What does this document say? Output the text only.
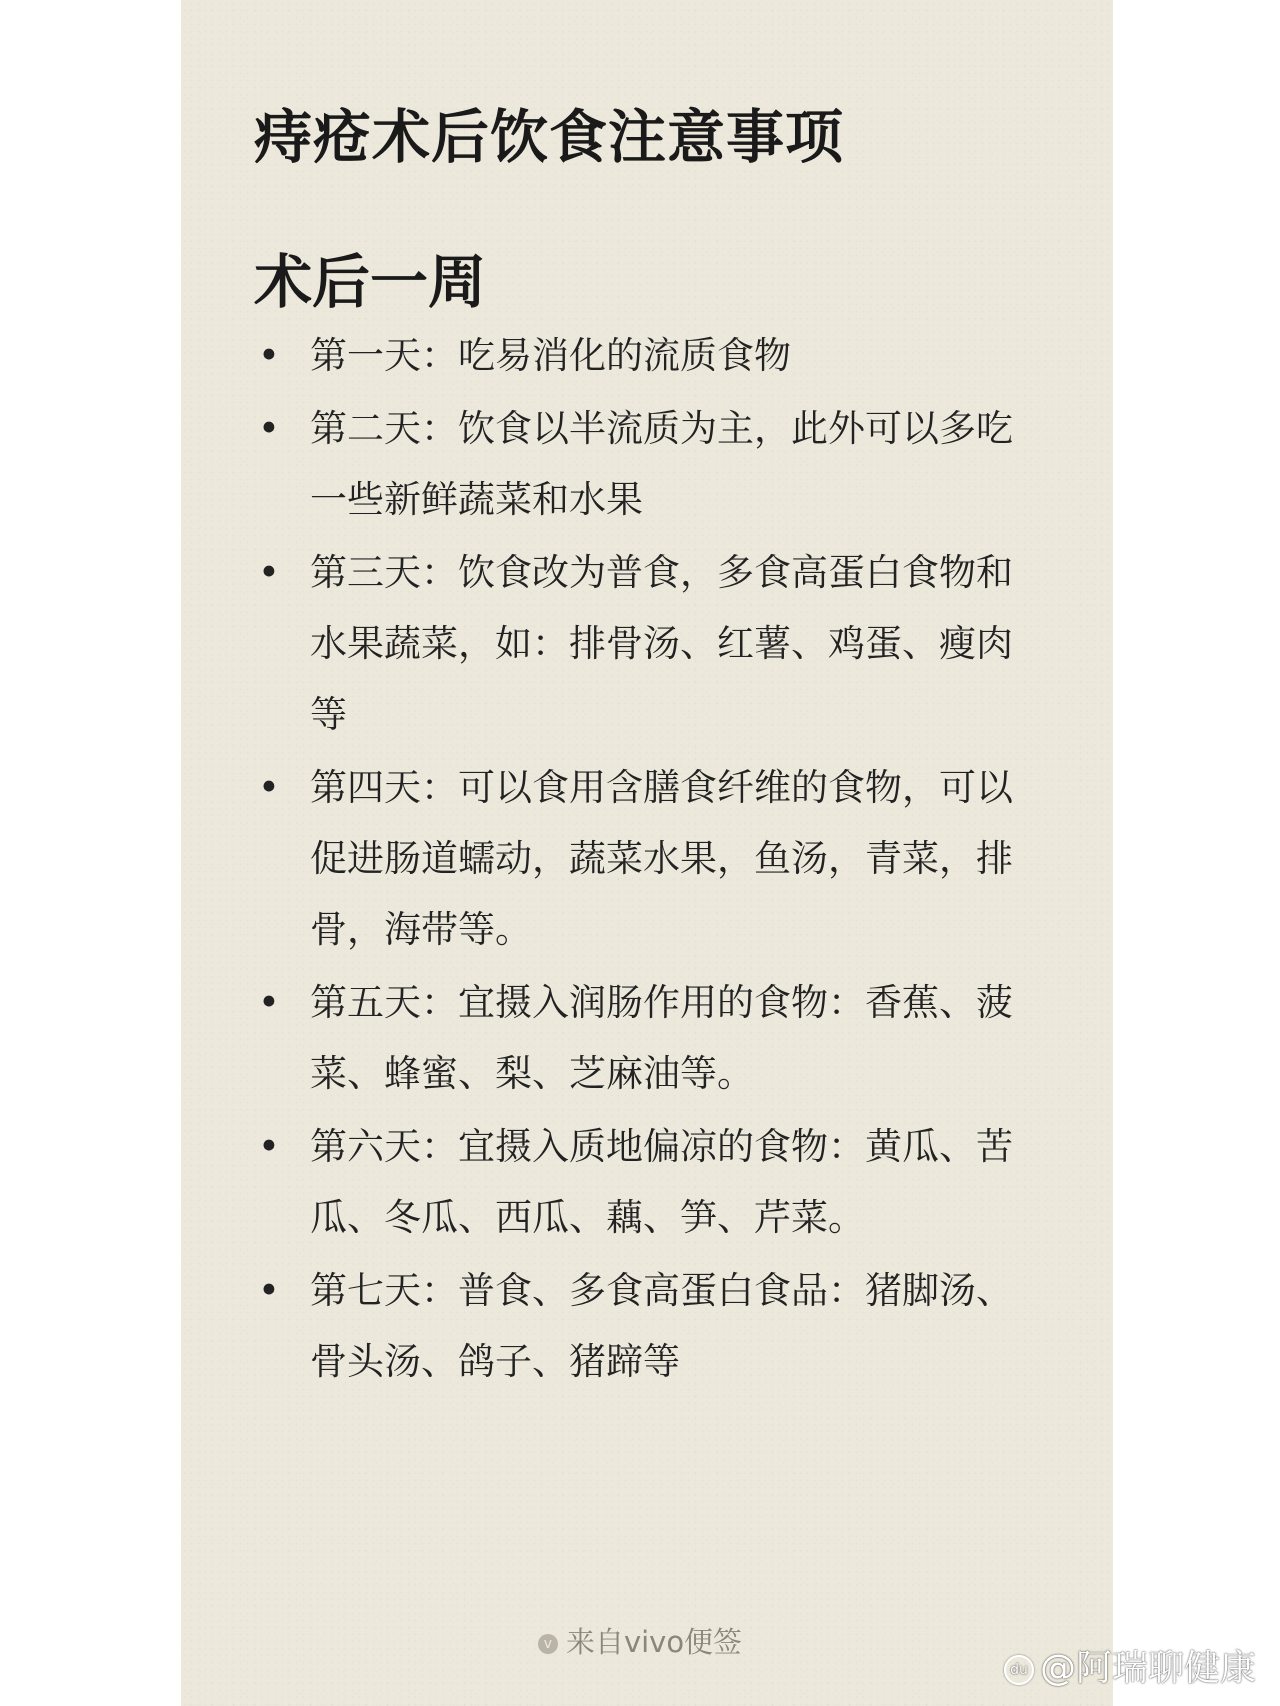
痔疮术后饮食注意事项
术后一周
• 第一天：吃易消化的流质食物
• 第二天：饮食以半流质为主，此外可以多吃一些新鲜蔬菜和水果
• 第三天：饮食改为普食，多食高蛋白食物和水果蔬菜，如：排骨汤、红薯、鸡蛋、瘦肉等
• 第四天：可以食用含膳食纤维的食物，可以促进肠道蠕动，蔬菜水果，鱼汤，青菜，排骨，海带等。
• 第五天：宜摄入润肠作用的食物：香蕉、菠菜、蜂蜜、梨、芝麻油等。
• 第六天：宜摄入质地偏凉的食物：黄瓜、苦瓜、冬瓜、西瓜、藕、笋、芹菜。
• 第七天：普食、多食高蛋白食品：猪脚汤、骨头汤、鸽子、猪蹄等
v 来自vivo便签
du @阿瑞聊健康
